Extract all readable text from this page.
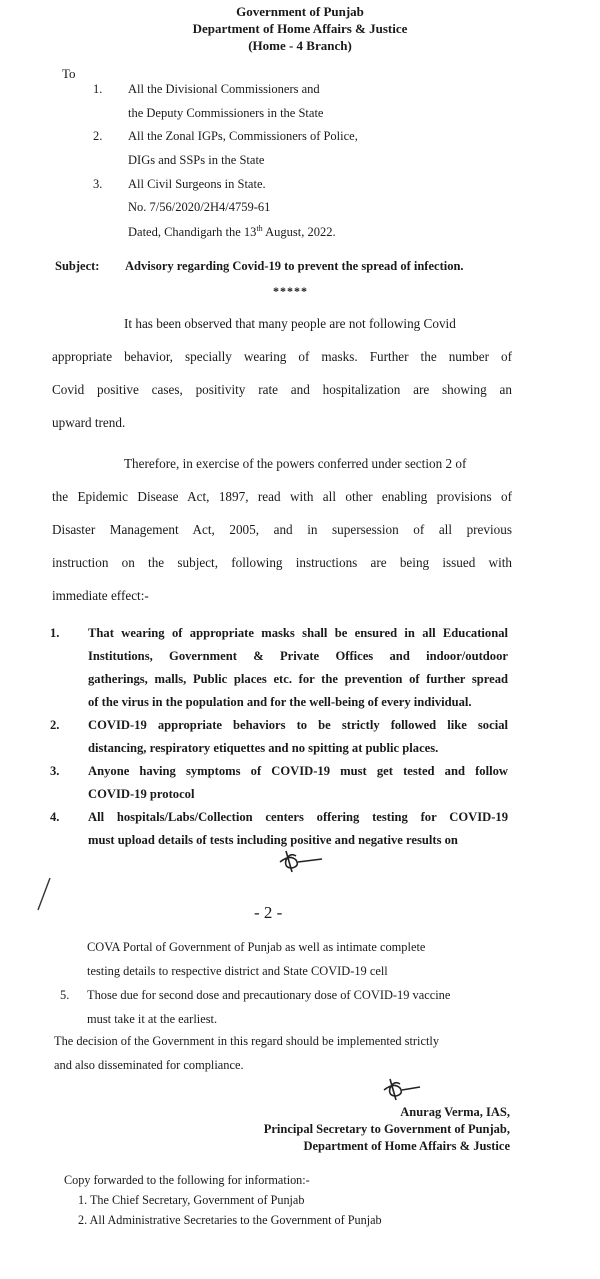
Government of Punjab
Department of Home Affairs & Justice
(Home - 4 Branch)
To
1. All the Divisional Commissioners and
the Deputy Commissioners in the State
2. All the Zonal IGPs, Commissioners of Police,
DIGs and SSPs in the State
3. All Civil Surgeons in State.
No. 7/56/2020/2H4/4759-61
Dated, Chandigarh the 13th August, 2022.
Subject: Advisory regarding Covid-19 to prevent the spread of infection.
*****
It has been observed that many people are not following Covid
appropriate behavior, specially wearing of masks. Further the number of
Covid positive cases, positivity rate and hospitalization are showing an
upward trend.
Therefore, in exercise of the powers conferred under section 2 of
the Epidemic Disease Act, 1897, read with all other enabling provisions of
Disaster Management Act, 2005, and in supersession of all previous
instruction on the subject, following instructions are being issued with
immediate effect:-
1.	That wearing of appropriate masks shall be ensured in all Educational
Institutions, Government & Private Offices and indoor/outdoor
gatherings, malls, Public places etc. for the prevention of further spread
of the virus in the population and for the well-being of every individual.
2.	COVID-19 appropriate behaviors to be strictly followed like social
distancing, respiratory etiquettes and no spitting at public places.
3.	Anyone having symptoms of COVID-19 must get tested and follow
COVID-19 protocol
4.	All hospitals/Labs/Collection centers offering testing for COVID-19
must upload details of tests including positive and negative results on
- 2 -
COVA Portal of Government of Punjab as well as intimate complete
testing details to respective district and State COVID-19 cell
5. Those due for second dose and precautionary dose of COVID-19 vaccine
must take it at the earliest.
The decision of the Government in this regard should be implemented strictly
and also disseminated for compliance.
Anurag Verma, IAS,
Principal Secretary to Government of Punjab,
Department of Home Affairs & Justice
Copy forwarded to the following for information:-
1. The Chief Secretary, Government of Punjab
2. All Administrative Secretaries to the Government of Punjab
